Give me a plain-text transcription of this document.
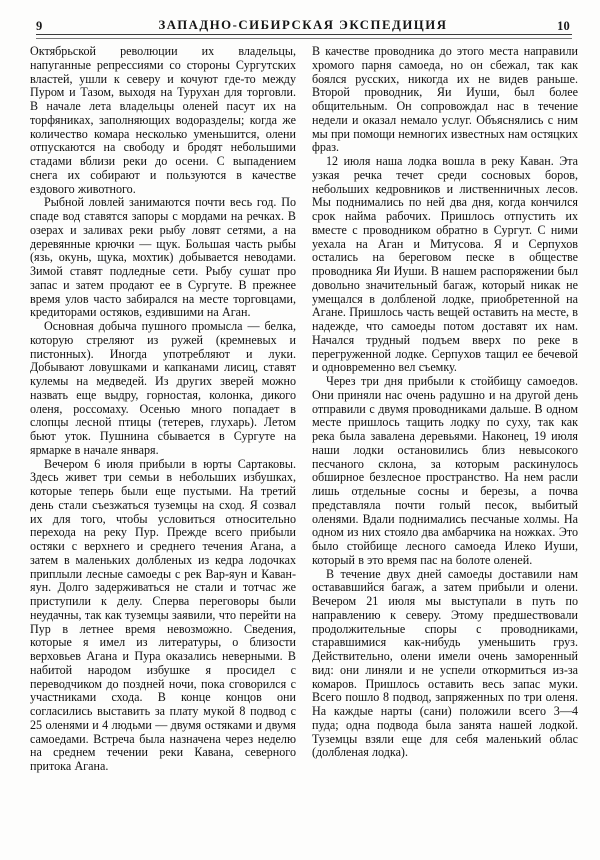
9	ЗАПАДНО-СИБИРСКАЯ ЭКСПЕДИЦИЯ	10

Октябрьской революции их владельцы, напуганные репрессиями со стороны Сургутских властей, ушли к северу и кочуют где-то между Пуром и Тазом, выходя на Турухан для торговли. В начале лета владельцы оленей пасут их на торфяниках, заполняющих водоразделы; когда же количество комара несколько уменьшится, олени отпускаются на свободу и бродят небольшими стадами вблизи реки до осени. С выпадением снега их собирают и пользуются в качестве ездового животного.

Рыбной ловлей занимаются почти весь год. По спаде вод ставятся запоры с мордами на речках. В озерах и заливах реки рыбу ловят сетями, а на деревянные крючки — щук. Большая часть рыбы (язь, окунь, щука, мохтик) добывается неводами. Зимой ставят подледные сети. Рыбу сушат про запас и затем продают ее в Сургуте. В прежнее время улов часто забирался на месте торговцами, кредиторами остяков, ездившими на Аган.

Основная добыча пушного промысла — белка, которую стреляют из ружей (кремневых и пистонных). Иногда употребляют и луки. Добывают ловушками и капканами лисиц, ставят кулемы на медведей. Из других зверей можно назвать еще выдру, горностая, колонка, дикого оленя, россомаху. Осенью много попадает в слопцы лесной птицы (тетерев, глухарь). Летом бьют уток. Пушнина сбывается в Сургуте на ярмарке в начале января.

Вечером 6 июля прибыли в юрты Сартаковы. Здесь живет три семьи в небольших избушках, которые теперь были еще пустыми. На третий день стали съезжаться туземцы на сход. Я созвал их для того, чтобы условиться относительно перехода на реку Пур. Прежде всего прибыли остяки с верхнего и среднего течения Агана, а затем в маленьких долбленых из кедра лодочках приплыли лесные самоеды с рек Вар-яун и Каван-яун. Долго задерживаться не стали и тотчас же приступили к делу. Сперва переговоры были неудачны, так как туземцы заявили, что перейти на Пур в летнее время невозможно. Сведения, которые я имел из литературы, о близости верховьев Агана и Пура оказались неверными. В набитой народом избушке я просидел с переводчиком до поздней ночи, пока сговорился с участниками схода. В конце концов они согласились выставить за плату мукой 8 подвод с 25 оленями и 4 людьми — двумя остяками и двумя самоедами. Встреча была назначена через неделю на среднем течении реки Кавана, северного притока Агана.

В качестве проводника до этого места направили хромого парня самоеда, но он сбежал, так как боялся русских, никогда их не видев раньше. Второй проводник, Яи Иуши, был более общительным. Он сопровождал нас в течение недели и оказал немало услуг. Объяснялись с ним мы при помощи немногих известных нам остяцких фраз.

12 июля наша лодка вошла в реку Каван. Эта узкая речка течет среди сосновых боров, небольших кедровников и лиственничных лесов. Мы поднимались по ней два дня, когда кончился срок найма рабочих. Пришлось отпустить их вместе с проводником обратно в Сургут. С ними уехала на Аган и Митусова. Я и Серпухов остались на берeговом песке в обществе проводника Яи Иуши. В нашем распоряжении был довольно значительный багаж, который никак не умещался в долбленой лодке, приобретенной на Агане. Пришлось часть вещей оставить на месте, в надежде, что самоеды потом доставят их нам. Начался трудный подъем вверх по реке в перегруженной лодке. Серпухов тащил ее бечевой и одновременно вел съемку.

Через три дня прибыли к стойбищу самоедов. Они приняли нас очень радушно и на другой день отправили с двумя проводниками дальше. В одном месте пришлось тащить лодку по суху, так как река была завалена деревьями. Наконец, 19 июля наши лодки остановились близ невысокого песчаного склона, за которым раскинулось обширное безлесное пространство. На нем расли лишь отдельные сосны и березы, а почва представляла почти голый песок, выбитый оленями. Вдали поднимались песчаные холмы. На одном из них стояло два амбарчика на ножках. Это было стойбище лесного самоеда Илеко Иуши, который в это время пас на болоте оленей.

В течение двух дней самоеды доставили нам остававшийся багаж, а затем прибыли и олени. Вечером 21 июля мы выступали в путь по направлению к северу. Этому предшествовали продолжительные споры с проводниками, старавшимися как-нибудь уменьшить груз. Действительно, олени имели очень заморенный вид: они линяли и не успели откормиться из-за комаров. Пришлось оставить весь запас муки. Всего пошло 8 подвод, запряженных по три оленя. На каждые нарты (сани) положили всего 3—4 пуда; одна подвода была занята нашей лодкой. Туземцы взяли еще для себя маленький облас (долбленая лодка).
